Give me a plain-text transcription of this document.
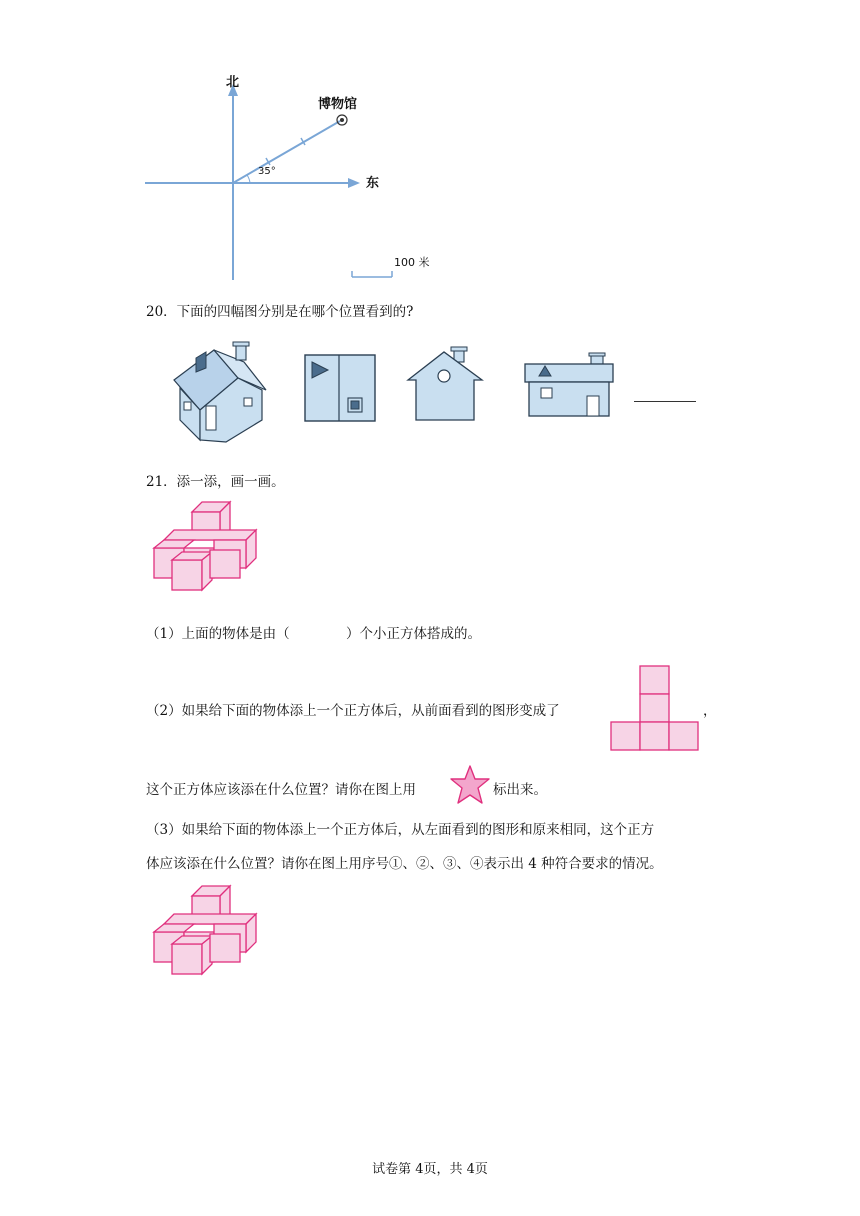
北
东
博物馆
35°
100 米
20．下面的四幅图分别是在哪个位置看到的?
21．添一添，画一画。
（1）上面的物体是由（	）个小正方体搭成的。
（2）如果给下面的物体添上一个正方体后，从前面看到的图形变成了	，
这个正方体应该添在什么位置？请你在图上用	标出来。
（3）如果给下面的物体添上一个正方体后，从左面看到的图形和原来相同，这个正方
体应该添在什么位置？请你在图上用序号①、②、③、④表示出 4 种符合要求的情况。
试卷第 4页，共 4页
